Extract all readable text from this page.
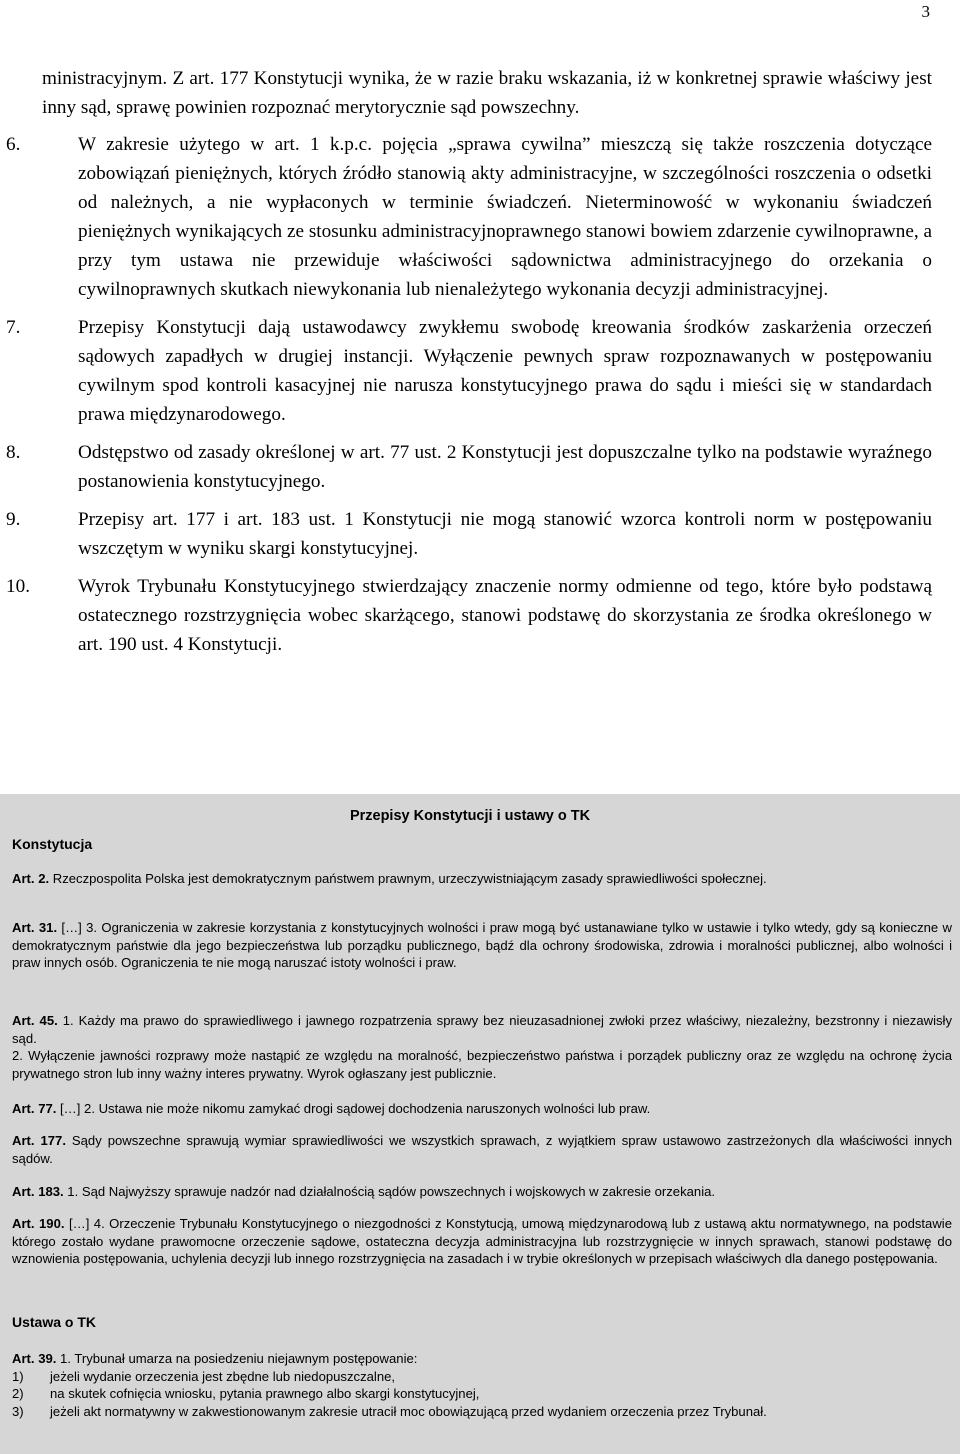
3

ministracyjnym. Z art. 177 Konstytucji wynika, że w razie braku wskazania, iż w konkretnej sprawie właściwy jest inny sąd, sprawę powinien rozpoznać merytorycznie sąd powszechny.

6.	W zakresie użytego w art. 1 k.p.c. pojęcia „sprawa cywilna” mieszczą się także roszczenia dotyczące zobowiązań pieniężnych, których źródło stanowią akty administracyjne, w szczególności roszczenia o odsetki od należnych, a nie wypłaconych w terminie świadczeń. Nieterminowość w wykonaniu świadczeń pieniężnych wynikających ze stosunku administracyjnoprawnego stanowi bowiem zdarzenie cywilnoprawne, a przy tym ustawa nie przewiduje właściwości sądownictwa administracyjnego do orzekania o cywilnoprawnych skutkach niewykonania lub nienależytego wykonania decyzji administracyjnej.

7.	Przepisy Konstytucji dają ustawodawcy zwykłemu swobodę kreowania środków zaskarżenia orzeczeń sądowych zapadłych w drugiej instancji. Wyłączenie pewnych spraw rozpoznawanych w postępowaniu cywilnym spod kontroli kasacyjnej nie narusza konstytucyjnego prawa do sądu i mieści się w standardach prawa międzynarodowego.

8.	Odstępstwo od zasady określonej w art. 77 ust. 2 Konstytucji jest dopuszczalne tylko na podstawie wyraźnego postanowienia konstytucyjnego.

9.	Przepisy art. 177 i art. 183 ust. 1 Konstytucji nie mogą stanowić wzorca kontroli norm w postępowaniu wszczętym w wyniku skargi konstytucyjnej.

10.	Wyrok Trybunału Konstytucyjnego stwierdzający znaczenie normy odmienne od tego, które było podstawą ostatecznego rozstrzygnięcia wobec skarżącego, stanowi podstawę do skorzystania ze środka określonego w art. 190 ust. 4 Konstytucji.

Przepisy Konstytucji i ustawy o TK
Konstytucja
Art. 2. Rzeczpospolita Polska jest demokratycznym państwem prawnym, urzeczywistniającym zasady sprawiedliwości społecznej.
Art. 31. […] 3. Ograniczenia w zakresie korzystania z konstytucyjnych wolności i praw mogą być ustanawiane tylko w ustawie i tylko wtedy, gdy są konieczne w demokratycznym państwie dla jego bezpieczeństwa lub porządku publicznego, bądź dla ochrony środowiska, zdrowia i moralności publicznej, albo wolności i praw innych osób. Ograniczenia te nie mogą naruszać istoty wolności i praw.
Art. 45. 1. Każdy ma prawo do sprawiedliwego i jawnego rozpatrzenia sprawy bez nieuzasadnionej zwłoki przez właściwy, niezależny, bezstronny i niezawisły sąd.
2. Wyłączenie jawności rozprawy może nastąpić ze względu na moralność, bezpieczeństwo państwa i porządek publiczny oraz ze względu na ochronę życia prywatnego stron lub inny ważny interes prywatny. Wyrok ogłaszany jest publicznie.
Art. 77. […] 2. Ustawa nie może nikomu zamykać drogi sądowej dochodzenia naruszonych wolności lub praw.
Art. 177. Sądy powszechne sprawują wymiar sprawiedliwości we wszystkich sprawach, z wyjątkiem spraw ustawowo zastrzeżonych dla właściwości innych sądów.
Art. 183. 1. Sąd Najwyższy sprawuje nadzór nad działalnością sądów powszechnych i wojskowych w zakresie orzekania.
Art. 190. […] 4. Orzeczenie Trybunału Konstytucyjnego o niezgodności z Konstytucją, umową międzynarodową lub z ustawą aktu normatywnego, na podstawie którego zostało wydane prawomocne orzeczenie sądowe, ostateczna decyzja administracyjna lub rozstrzygnięcie w innych sprawach, stanowi podstawę do wznowienia postępowania, uchylenia decyzji lub innego rozstrzygnięcia na zasadach i w trybie określonych w przepisach właściwych dla danego postępowania.
Ustawa o TK
Art. 39. 1. Trybunał umarza na posiedzeniu niejawnym postępowanie:
1)	jeżeli wydanie orzeczenia jest zbędne lub niedopuszczalne,
2)	na skutek cofnięcia wniosku, pytania prawnego albo skargi konstytucyjnej,
3)	jeżeli akt normatywny w zakwestionowanym zakresie utracił moc obowiązującą przed wydaniem orzeczenia przez Trybunał.
